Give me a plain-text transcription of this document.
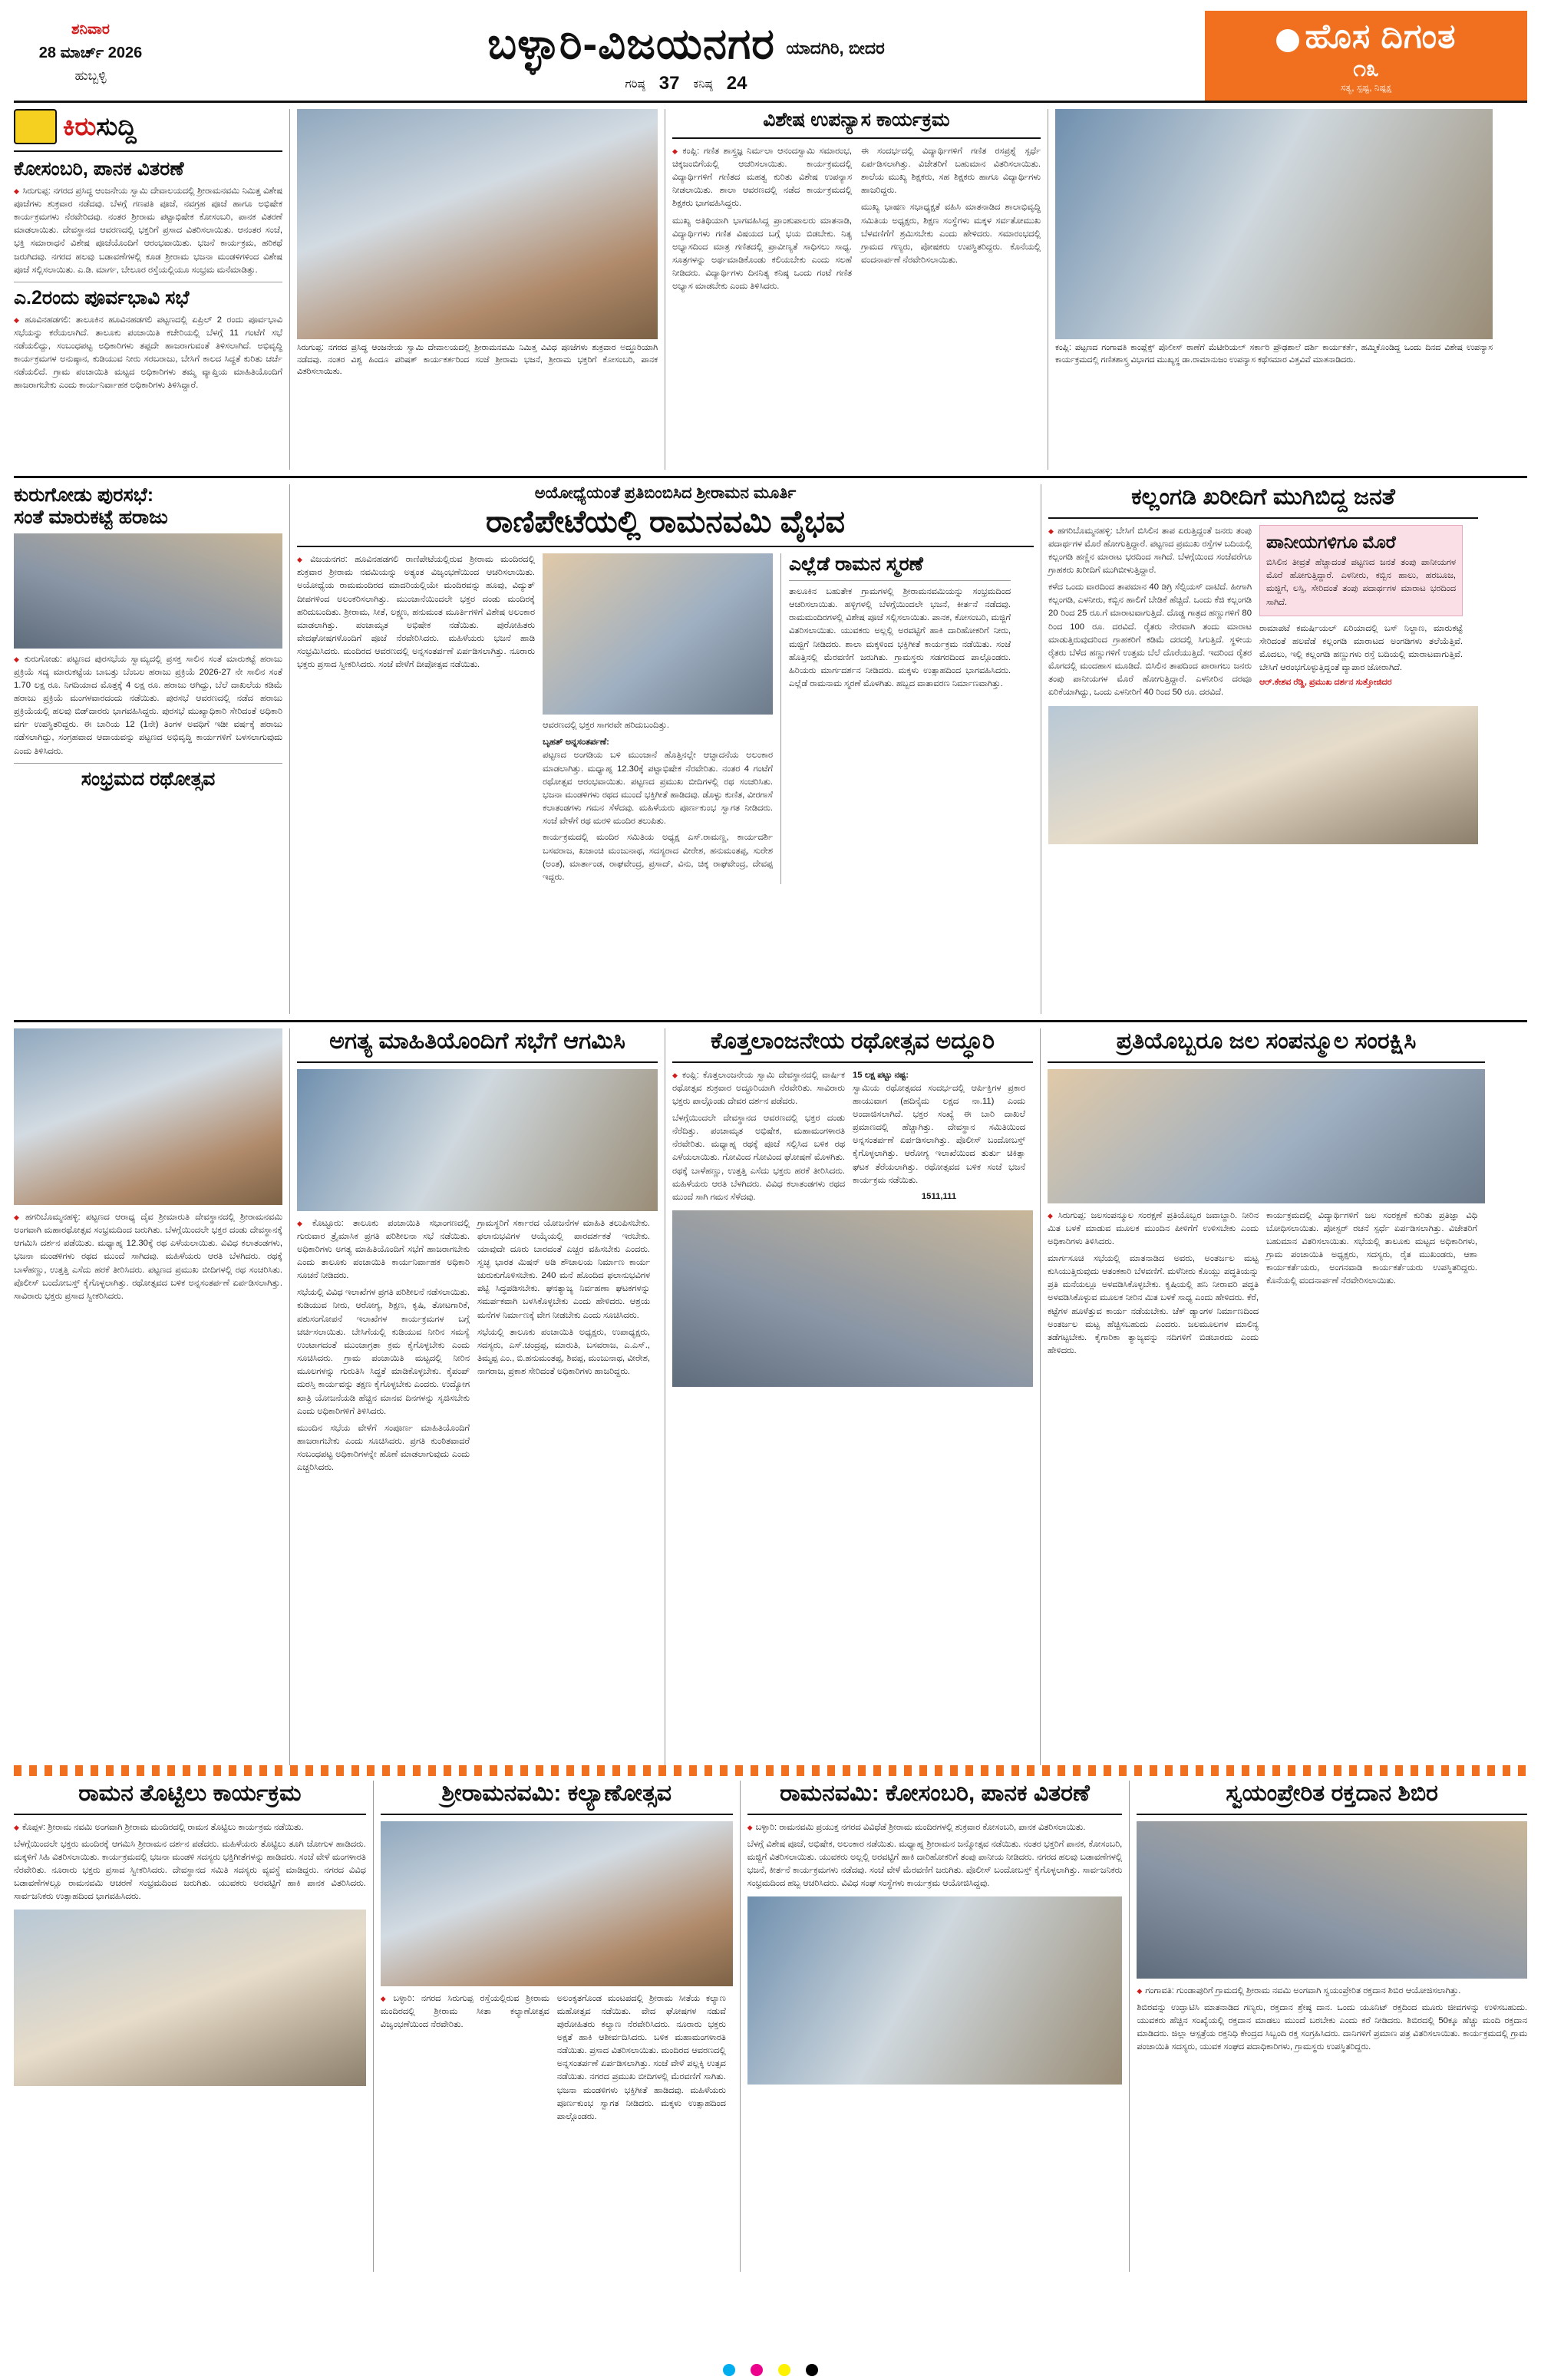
ಶನಿವಾರ
28 ಮಾರ್ಚ್ 2026
ಹುಬ್ಬಳ್ಳಿ
ಬಳ್ಳಾರಿ-ವಿಜಯನಗರ ಯಾದಗಿರಿ, ಬೀದರ
ಗರಿಷ್ಠ 37 ಕನಿಷ್ಠ 24
ಹೊಸ ದಿಗಂತ
೧೩
ಸತ್ಯ, ಸ್ಪಷ್ಟ, ನಿಷ್ಪಕ್ಷ
ಕಿರುಸುದ್ದಿ
ಕೋಸಂಬರಿ, ಪಾನಕ ವಿತರಣೆ
◆ ಸಿರುಗುಪ್ಪ: ನಗರದ ಪ್ರಸಿದ್ಧ ಆಂಜನೇಯ ಸ್ವಾಮಿ ದೇವಾಲಯದಲ್ಲಿ ಶ್ರೀರಾಮನವಮಿ ನಿಮಿತ್ತ ವಿಶೇಷ ಪೂಜೆಗಳು ಶುಕ್ರವಾರ ನಡೆದವು. ಬೆಳಗ್ಗೆ ಗಣಪತಿ ಪೂಜೆ, ನವಗ್ರಹ ಪೂಜೆ ಹಾಗೂ ಅಭಿಷೇಕ ಕಾರ್ಯಕ್ರಮಗಳು ನೆರವೇರಿದವು. ನಂತರ ಶ್ರೀರಾಮ ಪಟ್ಟಾಭಿಷೇಕ ಕೋಸಂಬರಿ, ಪಾನಕ ವಿತರಣೆ ಮಾಡಲಾಯಿತು. ದೇವಸ್ಥಾನದ ಆವರಣದಲ್ಲಿ ಭಕ್ತರಿಗೆ ಪ್ರಸಾದ ವಿತರಿಸಲಾಯಿತು. ಆನಂತರ ಸಂಜೆ, ಭಕ್ತಿ ಸಮಾರಾಧನೆ ವಿಶೇಷ ಪೂಜೆಯೊಂದಿಗೆ ಆರಂಭವಾಯಿತು. ಭಜನೆ ಕಾರ್ಯಕ್ರಮ, ಹರಿಕಥೆ ಜರುಗಿದವು. ನಗರದ ಹಲವು ಬಡಾವಣೆಗಳಲ್ಲಿ ಕೂಡ ಶ್ರೀರಾಮ ಭಜನಾ ಮಂಡಳಿಗಳಿಂದ ವಿಶೇಷ ಪೂಜೆ ಸಲ್ಲಿಸಲಾಯಿತು. ಎ.ಡಿ. ಮಾರ್ಗ, ಬೇಲೂರ ರಸ್ತೆಯಲ್ಲಿಯೂ ಸಂಭ್ರಮ ಮನೆಮಾಡಿತ್ತು.
ಎ.2ರಂದು ಪೂರ್ವಭಾವಿ ಸಭೆ
◆ ಹೂವಿನಹಡಗಲಿ: ತಾಲೂಕಿನ ಹೂವಿನಹಡಗಲಿ ಪಟ್ಟಣದಲ್ಲಿ ಏಪ್ರಿಲ್ 2 ರಂದು ಪೂರ್ವಭಾವಿ ಸಭೆಯನ್ನು ಕರೆಯಲಾಗಿದೆ. ತಾಲೂಕು ಪಂಚಾಯಿತಿ ಕಚೇರಿಯಲ್ಲಿ ಬೆಳಗ್ಗೆ 11 ಗಂಟೆಗೆ ಸಭೆ ನಡೆಯಲಿದ್ದು, ಸಂಬಂಧಪಟ್ಟ ಅಧಿಕಾರಿಗಳು ತಪ್ಪದೇ ಹಾಜರಾಗುವಂತೆ ತಿಳಿಸಲಾಗಿದೆ. ಅಭಿವೃದ್ಧಿ ಕಾರ್ಯಕ್ರಮಗಳ ಅನುಷ್ಠಾನ, ಕುಡಿಯುವ ನೀರು ಸರಬರಾಜು, ಬೇಸಿಗೆ ಕಾಲದ ಸಿದ್ಧತೆ ಕುರಿತು ಚರ್ಚೆ ನಡೆಯಲಿದೆ. ಗ್ರಾಮ ಪಂಚಾಯಿತಿ ಮಟ್ಟದ ಅಧಿಕಾರಿಗಳು ತಮ್ಮ ವ್ಯಾಪ್ತಿಯ ಮಾಹಿತಿಯೊಂದಿಗೆ ಹಾಜರಾಗಬೇಕು ಎಂದು ಕಾರ್ಯನಿರ್ವಾಹಕ ಅಧಿಕಾರಿಗಳು ತಿಳಿಸಿದ್ದಾರೆ.
ಸಿರುಗುಪ್ಪ: ನಗರದ ಪ್ರಸಿದ್ಧ ಆಂಜನೇಯ ಸ್ವಾಮಿ ದೇವಾಲಯದಲ್ಲಿ ಶ್ರೀರಾಮನವಮಿ ನಿಮಿತ್ತ ವಿವಿಧ ಪೂಜೆಗಳು ಶುಕ್ರವಾರ ಅದ್ಧೂರಿಯಾಗಿ ನಡೆದವು. ನಂತರ ವಿಶ್ವ ಹಿಂದೂ ಪರಿಷತ್ ಕಾರ್ಯಕರ್ತರಿಂದ ಸಂಜೆ ಶ್ರೀರಾಮ ಭಜನೆ, ಶ್ರೀರಾಮ ಭಕ್ತರಿಗೆ ಕೋಸಂಬರಿ, ಪಾನಕ ವಿತರಿಸಲಾಯಿತು.
ವಿಶೇಷ ಉಪನ್ಯಾಸ ಕಾರ್ಯಕ್ರಮ
◆ ಕಂಪ್ಲಿ: ಗಣಿತ ಶಾಸ್ತ್ರಜ್ಞ ನಿರ್ಮಲಾ ಆನಂದಸ್ವಾಮಿ ಸಮಾರಂಭ, ಚಿಕ್ಕಜಂಬಿಗೆಯಲ್ಲಿ ಆಚರಿಸಲಾಯಿತು. ಕಾರ್ಯಕ್ರಮದಲ್ಲಿ ವಿದ್ಯಾರ್ಥಿಗಳಿಗೆ ಗಣಿತದ ಮಹತ್ವ ಕುರಿತು ವಿಶೇಷ ಉಪನ್ಯಾಸ ನೀಡಲಾಯಿತು. ಶಾಲಾ ಆವರಣದಲ್ಲಿ ನಡೆದ ಕಾರ್ಯಕ್ರಮದಲ್ಲಿ ಶಿಕ್ಷಕರು ಭಾಗವಹಿಸಿದ್ದರು.
ಮುಖ್ಯ ಅತಿಥಿಯಾಗಿ ಭಾಗವಹಿಸಿದ್ದ ಪ್ರಾಂಶುಪಾಲರು ಮಾತನಾಡಿ, ವಿದ್ಯಾರ್ಥಿಗಳು ಗಣಿತ ವಿಷಯದ ಬಗ್ಗೆ ಭಯ ಬಿಡಬೇಕು. ನಿತ್ಯ ಅಭ್ಯಾಸದಿಂದ ಮಾತ್ರ ಗಣಿತದಲ್ಲಿ ಪ್ರಾವೀಣ್ಯತೆ ಸಾಧಿಸಲು ಸಾಧ್ಯ. ಸೂತ್ರಗಳನ್ನು ಅರ್ಥಮಾಡಿಕೊಂಡು ಕಲಿಯಬೇಕು ಎಂದು ಸಲಹೆ ನೀಡಿದರು. ವಿದ್ಯಾರ್ಥಿಗಳು ದಿನನಿತ್ಯ ಕನಿಷ್ಠ ಒಂದು ಗಂಟೆ ಗಣಿತ ಅಭ್ಯಾಸ ಮಾಡಬೇಕು ಎಂದು ತಿಳಿಸಿದರು.
ಈ ಸಂದರ್ಭದಲ್ಲಿ ವಿದ್ಯಾರ್ಥಿಗಳಿಗೆ ಗಣಿತ ರಸಪ್ರಶ್ನೆ ಸ್ಪರ್ಧೆ ಏರ್ಪಡಿಸಲಾಗಿತ್ತು. ವಿಜೇತರಿಗೆ ಬಹುಮಾನ ವಿತರಿಸಲಾಯಿತು. ಶಾಲೆಯ ಮುಖ್ಯ ಶಿಕ್ಷಕರು, ಸಹ ಶಿಕ್ಷಕರು ಹಾಗೂ ವಿದ್ಯಾರ್ಥಿಗಳು ಹಾಜರಿದ್ದರು.
ಮುಖ್ಯ ಭಾಷಣ ಸಭಾಧ್ಯಕ್ಷತೆ ವಹಿಸಿ ಮಾತನಾಡಿದ ಶಾಲಾಭಿವೃದ್ಧಿ ಸಮಿತಿಯ ಅಧ್ಯಕ್ಷರು, ಶಿಕ್ಷಣ ಸಂಸ್ಥೆಗಳು ಮಕ್ಕಳ ಸರ್ವತೋಮುಖ ಬೆಳವಣಿಗೆಗೆ ಶ್ರಮಿಸಬೇಕು ಎಂದು ಹೇಳಿದರು. ಸಮಾರಂಭದಲ್ಲಿ ಗ್ರಾಮದ ಗಣ್ಯರು, ಪೋಷಕರು ಉಪಸ್ಥಿತರಿದ್ದರು. ಕೊನೆಯಲ್ಲಿ ವಂದನಾರ್ಪಣೆ ನೆರವೇರಿಸಲಾಯಿತು.
ಕಂಪ್ಲಿ: ಪಟ್ಟಣದ ಗಂಗಾವತಿ ಕಾಂಪ್ಲೆಕ್ಸ್ ಪೊಲೀಸ್ ಠಾಣೆಗೆ ಮೆಟೀರಿಯಲ್ ಸರ್ಕಾರಿ ಪ್ರೌಢಶಾಲೆ ದರ್ಶಿ ಕಾರ್ಯಕರ್ತೆ, ಹಮ್ಮಿಕೊಂಡಿದ್ದ ಒಂದು ದಿನದ ವಿಶೇಷ ಉಪನ್ಯಾಸ ಕಾರ್ಯಕ್ರಮದಲ್ಲಿ ಗಣಿತಶಾಸ್ತ್ರ ವಿಭಾಗದ ಮುಖ್ಯಸ್ಥ ಡಾ.ರಾಮಾನುಜಂ ಉಪನ್ಯಾಸ ಕಥೆಸಮಾರ ವಿತ್ತವಿವೆ ಮಾತನಾಡಿದರು.
ಕುರುಗೋಡು ಪುರಸಭೆ:
ಸಂತೆ ಮಾರುಕಟ್ಟೆ ಹರಾಜು
◆ ಕುರುಗೋಡು: ಪಟ್ಟಣದ ಪುರಸಭೆಯ ಸ್ವಾಮ್ಯದಲ್ಲಿ ಪ್ರಸಕ್ತ ಸಾಲಿನ ಸಂತೆ ಮಾರುಕಟ್ಟೆ ಹರಾಜು ಪ್ರಕ್ರಿಯೆ ಸದ್ಯ ಮಾರುಕಟ್ಟೆಯ ಬಾಬತ್ತು ಬೆಂಬಲ ಹರಾಜು ಪ್ರಕ್ರಿಯೆ 2026-27 ನೇ ಸಾಲಿನ ಸಂತೆ 1.70 ಲಕ್ಷ ರೂ. ನಿಗದಿಯಾದ ಮೊತ್ತಕ್ಕೆ 4 ಲಕ್ಷ ರೂ. ಹರಾಜು ಆಗಿದ್ದು, ಬೆಲೆ ದಾಖಲೆಯ ಕಡಿಮೆ ಹರಾಜು ಪ್ರಕ್ರಿಯೆ ಮಂಗಳವಾರದಂದು ನಡೆಯಿತು. ಪುರಸಭೆ ಆವರಣದಲ್ಲಿ ನಡೆದ ಹರಾಜು ಪ್ರಕ್ರಿಯೆಯಲ್ಲಿ ಹಲವು ಬಿಡ್‌ದಾರರು ಭಾಗವಹಿಸಿದ್ದರು. ಪುರಸಭೆ ಮುಖ್ಯಾಧಿಕಾರಿ ಸೇರಿದಂತೆ ಅಧಿಕಾರಿ ವರ್ಗ ಉಪಸ್ಥಿತರಿದ್ದರು. ಈ ಬಾರಿಯ 12 (1ನೇ) ತಿಂಗಳ ಅವಧಿಗೆ ಇಡೀ ವರ್ಷಕ್ಕೆ ಹರಾಜು ನಡೆಸಲಾಗಿದ್ದು, ಸಂಗ್ರಹವಾದ ಆದಾಯವನ್ನು ಪಟ್ಟಣದ ಅಭಿವೃದ್ಧಿ ಕಾರ್ಯಗಳಿಗೆ ಬಳಸಲಾಗುವುದು ಎಂದು ತಿಳಿಸಿದರು.
ಸಂಭ್ರಮದ ರಥೋತ್ಸವ
ಅಯೋಧ್ಯೆಯಂತೆ ಪ್ರತಿಬಿಂಬಿಸಿದ ಶ್ರೀರಾಮನ ಮೂರ್ತಿ
ರಾಣಿಪೇಟೆಯಲ್ಲಿ ರಾಮನವಮಿ ವೈಭವ
◆ ವಿಜಯನಗರ: ಹೂವಿನಹಡಗಲಿ ರಾಣಿಪೇಟೆಯಲ್ಲಿರುವ ಶ್ರೀರಾಮ ಮಂದಿರದಲ್ಲಿ ಶುಕ್ರವಾರ ಶ್ರೀರಾಮ ನವಮಿಯನ್ನು ಅತ್ಯಂತ ವಿಜೃಂಭಣೆಯಿಂದ ಆಚರಿಸಲಾಯಿತು. ಅಯೋಧ್ಯೆಯ ರಾಮಮಂದಿರದ ಮಾದರಿಯಲ್ಲಿಯೇ ಮಂದಿರವನ್ನು ಹೂವು, ವಿದ್ಯುತ್ ದೀಪಗಳಿಂದ ಅಲಂಕರಿಸಲಾಗಿತ್ತು. ಮುಂಜಾನೆಯಿಂದಲೇ ಭಕ್ತರ ದಂಡು ಮಂದಿರಕ್ಕೆ ಹರಿದುಬಂದಿತು. ಶ್ರೀರಾಮ, ಸೀತೆ, ಲಕ್ಷ್ಮಣ, ಹನುಮಂತ ಮೂರ್ತಿಗಳಿಗೆ ವಿಶೇಷ ಅಲಂಕಾರ ಮಾಡಲಾಗಿತ್ತು. ಪಂಚಾಮೃತ ಅಭಿಷೇಕ ನಡೆಯಿತು. ಪುರೋಹಿತರು ವೇದಘೋಷಗಳೊಂದಿಗೆ ಪೂಜೆ ನೆರವೇರಿಸಿದರು. ಮಹಿಳೆಯರು ಭಜನೆ ಹಾಡಿ ಸಂಭ್ರಮಿಸಿದರು. ಮಂದಿರದ ಆವರಣದಲ್ಲಿ ಅನ್ನಸಂತರ್ಪಣೆ ಏರ್ಪಡಿಸಲಾಗಿತ್ತು. ನೂರಾರು ಭಕ್ತರು ಪ್ರಸಾದ ಸ್ವೀಕರಿಸಿದರು. ಸಂಜೆ ವೇಳೆಗೆ ದೀಪೋತ್ಸವ ನಡೆಯಿತು.
ಆವರಣದಲ್ಲಿ ಭಕ್ತರ ಸಾಗರವೇ ಹರಿದುಬಂದಿತ್ತು.
ಬೃಹತ್ ಅನ್ನಸಂತರ್ಪಣೆ:
ಪಟ್ಟಣದ ಅಂಗಡಿಯ ಬಳಿ ಮುಂಜಾನೆ ಹೊತ್ತಿನಲ್ಲೇ ಆಚ್ಛಾದನೆಯ ಅಲಂಕಾರ ಮಾಡಲಾಗಿತ್ತು. ಮಧ್ಯಾಹ್ನ 12.30ಕ್ಕೆ ಪಟ್ಟಾಭಿಷೇಕ ನೆರವೇರಿತು. ನಂತರ 4 ಗಂಟೆಗೆ ರಥೋತ್ಸವ ಆರಂಭವಾಯಿತು. ಪಟ್ಟಣದ ಪ್ರಮುಖ ಬೀದಿಗಳಲ್ಲಿ ರಥ ಸಂಚರಿಸಿತು. ಭಜನಾ ಮಂಡಳಿಗಳು ರಥದ ಮುಂದೆ ಭಕ್ತಿಗೀತೆ ಹಾಡಿದವು. ಡೊಳ್ಳು ಕುಣಿತ, ವೀರಗಾಸೆ ಕಲಾತಂಡಗಳು ಗಮನ ಸೆಳೆದವು. ಮಹಿಳೆಯರು ಪೂರ್ಣಕುಂಭ ಸ್ವಾಗತ ನೀಡಿದರು. ಸಂಜೆ ವೇಳೆಗೆ ರಥ ಮರಳಿ ಮಂದಿರ ತಲುಪಿತು.
ಕಾರ್ಯಕ್ರಮದಲ್ಲಿ ಮಂದಿರ ಸಮಿತಿಯ ಅಧ್ಯಕ್ಷ ಎಸ್.ರಾಮಣ್ಣ, ಕಾರ್ಯದರ್ಶಿ ಬಸವರಾಜ, ಖಜಾಂಚಿ ಮಂಜುನಾಥ, ಸದಸ್ಯರಾದ ವೀರೇಶ, ಹನುಮಂತಪ್ಪ, ಸುರೇಶ (ಅಂತ), ಮಾರ್ತಾಂಡ, ರಾಘವೇಂದ್ರ, ಪ್ರಸಾದ್, ವಿನು, ಚಿಕ್ಕ ರಾಘವೇಂದ್ರ, ದೇವಪ್ಪ ಇದ್ದರು.
ಎಲ್ಲೆಡೆ ರಾಮನ ಸ್ಮರಣೆ
ತಾಲೂಕಿನ ಬಹುತೇಕ ಗ್ರಾಮಗಳಲ್ಲಿ ಶ್ರೀರಾಮನವಮಿಯನ್ನು ಸಂಭ್ರಮದಿಂದ ಆಚರಿಸಲಾಯಿತು. ಹಳ್ಳಿಗಳಲ್ಲಿ ಬೆಳಗ್ಗೆಯಿಂದಲೇ ಭಜನೆ, ಕೀರ್ತನೆ ನಡೆದವು. ರಾಮಮಂದಿರಗಳಲ್ಲಿ ವಿಶೇಷ ಪೂಜೆ ಸಲ್ಲಿಸಲಾಯಿತು. ಪಾನಕ, ಕೋಸಂಬರಿ, ಮಜ್ಜಿಗೆ ವಿತರಿಸಲಾಯಿತು. ಯುವಕರು ಅಲ್ಲಲ್ಲಿ ಅರವಟ್ಟಿಗೆ ಹಾಕಿ ದಾರಿಹೋಕರಿಗೆ ನೀರು, ಮಜ್ಜಿಗೆ ನೀಡಿದರು. ಶಾಲಾ ಮಕ್ಕಳಿಂದ ಭಕ್ತಿಗೀತೆ ಕಾರ್ಯಕ್ರಮ ನಡೆಯಿತು. ಸಂಜೆ ಹೊತ್ತಿನಲ್ಲಿ ಮೆರವಣಿಗೆ ಜರುಗಿತು. ಗ್ರಾಮಸ್ಥರು ಸಡಗರದಿಂದ ಪಾಲ್ಗೊಂಡರು. ಹಿರಿಯರು ಮಾರ್ಗದರ್ಶನ ನೀಡಿದರು. ಮಕ್ಕಳು ಉತ್ಸಾಹದಿಂದ ಭಾಗವಹಿಸಿದರು. ಎಲ್ಲೆಡೆ ರಾಮನಾಮ ಸ್ಮರಣೆ ಮೊಳಗಿತು. ಹಬ್ಬದ ವಾತಾವರಣ ನಿರ್ಮಾಣವಾಗಿತ್ತು.
ಕಲ್ಲಂಗಡಿ ಖರೀದಿಗೆ ಮುಗಿಬಿದ್ದ ಜನತೆ
◆ ಹಗರಿಬೊಮ್ಮನಹಳ್ಳಿ: ಬೇಸಿಗೆ ಬಿಸಿಲಿನ ತಾಪ ಏರುತ್ತಿದ್ದಂತೆ ಜನರು ತಂಪು ಪದಾರ್ಥಗಳ ಮೊರೆ ಹೋಗುತ್ತಿದ್ದಾರೆ. ಪಟ್ಟಣದ ಪ್ರಮುಖ ರಸ್ತೆಗಳ ಬದಿಯಲ್ಲಿ ಕಲ್ಲಂಗಡಿ ಹಣ್ಣಿನ ಮಾರಾಟ ಭರದಿಂದ ಸಾಗಿದೆ. ಬೆಳಗ್ಗೆಯಿಂದ ಸಂಜೆವರೆಗೂ ಗ್ರಾಹಕರು ಖರೀದಿಗೆ ಮುಗಿಬೀಳುತ್ತಿದ್ದಾರೆ.
ಕಳೆದ ಒಂದು ವಾರದಿಂದ ತಾಪಮಾನ 40 ಡಿಗ್ರಿ ಸೆಲ್ಸಿಯಸ್ ದಾಟಿದೆ. ಹೀಗಾಗಿ ಕಲ್ಲಂಗಡಿ, ಎಳನೀರು, ಕಬ್ಬಿನ ಹಾಲಿಗೆ ಬೇಡಿಕೆ ಹೆಚ್ಚಿದೆ. ಒಂದು ಕೆಜಿ ಕಲ್ಲಂಗಡಿ 20 ರಿಂದ 25 ರೂ.ಗೆ ಮಾರಾಟವಾಗುತ್ತಿದೆ. ದೊಡ್ಡ ಗಾತ್ರದ ಹಣ್ಣುಗಳಿಗೆ 80 ರಿಂದ 100 ರೂ. ದರವಿದೆ. ರೈತರು ನೇರವಾಗಿ ತಂದು ಮಾರಾಟ ಮಾಡುತ್ತಿರುವುದರಿಂದ ಗ್ರಾಹಕರಿಗೆ ಕಡಿಮೆ ದರದಲ್ಲಿ ಸಿಗುತ್ತಿದೆ. ಸ್ಥಳೀಯ ರೈತರು ಬೆಳೆದ ಹಣ್ಣುಗಳಿಗೆ ಉತ್ತಮ ಬೆಲೆ ದೊರೆಯುತ್ತಿದೆ. ಇದರಿಂದ ರೈತರ ಮೊಗದಲ್ಲಿ ಮಂದಹಾಸ ಮೂಡಿದೆ. ಬಿಸಿಲಿನ ತಾಪದಿಂದ ಪಾರಾಗಲು ಜನರು ತಂಪು ಪಾನೀಯಗಳ ಮೊರೆ ಹೋಗುತ್ತಿದ್ದಾರೆ. ಎಳನೀರಿನ ದರವೂ ಏರಿಕೆಯಾಗಿದ್ದು, ಒಂದು ಎಳನೀರಿಗೆ 40 ರಿಂದ 50 ರೂ. ದರವಿದೆ.
ಪಾನೀಯಗಳಿಗೂ ಮೊರೆ
ಬಿಸಿಲಿನ ತೀವ್ರತೆ ಹೆಚ್ಚಾದಂತೆ ಪಟ್ಟಣದ ಜನತೆ ತಂಪು ಪಾನೀಯಗಳ ಮೊರೆ ಹೋಗುತ್ತಿದ್ದಾರೆ. ಎಳನೀರು, ಕಬ್ಬಿನ ಹಾಲು, ಹರಬೂಜ, ಮಜ್ಜಿಗೆ, ಲಸ್ಸಿ, ಸೇರಿದಂತೆ ತಂಪು ಪದಾರ್ಥಗಳ ಮಾರಾಟ ಭರದಿಂದ ಸಾಗಿದೆ.
ರಾಮಾಪಟೆ ಕಮರ್ಷಿಯಲ್ ಏರಿಯಾದಲ್ಲಿ ಬಸ್ ನಿಲ್ದಾಣ, ಮಾರುಕಟ್ಟೆ ಸೇರಿದಂತೆ ಹಲವೆಡೆ ಕಲ್ಲಂಗಡಿ ಮಾರಾಟದ ಅಂಗಡಿಗಳು ತಲೆಯೆತ್ತಿವೆ. ಮೊದಲು, ಇಲ್ಲಿ ಕಲ್ಲಂಗಡಿ ಹಣ್ಣುಗಳು ರಸ್ತೆ ಬದಿಯಲ್ಲಿ ಮಾರಾಟವಾಗುತ್ತಿವೆ. ಬೇಸಿಗೆ ಆರಂಭಗೊಳ್ಳುತ್ತಿದ್ದಂತೆ ವ್ಯಾಪಾರ ಜೋರಾಗಿದೆ.
ಆರ್.ಕೇಶವ ರೆಡ್ಡಿ, ಪ್ರಮುಖ ದರ್ಶನ ಸುತ್ತೋಜಿದರ
◆ ಹಗರಿಬೊಮ್ಮನಹಳ್ಳಿ: ಪಟ್ಟಣದ ಆರಾಧ್ಯ ದೈವ ಶ್ರೀಮಾರುತಿ ದೇವಸ್ಥಾನದಲ್ಲಿ ಶ್ರೀರಾಮನವಮಿ ಅಂಗವಾಗಿ ಮಹಾರಥೋತ್ಸವ ಸಂಭ್ರಮದಿಂದ ಜರುಗಿತು. ಬೆಳಗ್ಗೆಯಿಂದಲೇ ಭಕ್ತರ ದಂಡು ದೇವಸ್ಥಾನಕ್ಕೆ ಆಗಮಿಸಿ ದರ್ಶನ ಪಡೆಯಿತು. ಮಧ್ಯಾಹ್ನ 12.30ಕ್ಕೆ ರಥ ಎಳೆಯಲಾಯಿತು. ವಿವಿಧ ಕಲಾತಂಡಗಳು, ಭಜನಾ ಮಂಡಳಿಗಳು ರಥದ ಮುಂದೆ ಸಾಗಿದವು. ಮಹಿಳೆಯರು ಆರತಿ ಬೆಳಗಿದರು. ರಥಕ್ಕೆ ಬಾಳೆಹಣ್ಣು, ಉತ್ತತ್ತಿ ಎಸೆದು ಹರಕೆ ತೀರಿಸಿದರು. ಪಟ್ಟಣದ ಪ್ರಮುಖ ಬೀದಿಗಳಲ್ಲಿ ರಥ ಸಂಚರಿಸಿತು. ಪೊಲೀಸ್ ಬಂದೋಬಸ್ತ್ ಕೈಗೊಳ್ಳಲಾಗಿತ್ತು. ರಥೋತ್ಸವದ ಬಳಿಕ ಅನ್ನಸಂತರ್ಪಣೆ ಏರ್ಪಡಿಸಲಾಗಿತ್ತು. ಸಾವಿರಾರು ಭಕ್ತರು ಪ್ರಸಾದ ಸ್ವೀಕರಿಸಿದರು.
ಅಗತ್ಯ ಮಾಹಿತಿಯೊಂದಿಗೆ ಸಭೆಗೆ ಆಗಮಿಸಿ
◆ ಕೊಟ್ಟೂರು: ತಾಲೂಕು ಪಂಚಾಯಿತಿ ಸಭಾಂಗಣದಲ್ಲಿ ಗುರುವಾರ ತ್ರೈಮಾಸಿಕ ಪ್ರಗತಿ ಪರಿಶೀಲನಾ ಸಭೆ ನಡೆಯಿತು. ಅಧಿಕಾರಿಗಳು ಅಗತ್ಯ ಮಾಹಿತಿಯೊಂದಿಗೆ ಸಭೆಗೆ ಹಾಜರಾಗಬೇಕು ಎಂದು ತಾಲೂಕು ಪಂಚಾಯಿತಿ ಕಾರ್ಯನಿರ್ವಾಹಕ ಅಧಿಕಾರಿ ಸೂಚನೆ ನೀಡಿದರು.
ಸಭೆಯಲ್ಲಿ ವಿವಿಧ ಇಲಾಖೆಗಳ ಪ್ರಗತಿ ಪರಿಶೀಲನೆ ನಡೆಸಲಾಯಿತು. ಕುಡಿಯುವ ನೀರು, ಆರೋಗ್ಯ, ಶಿಕ್ಷಣ, ಕೃಷಿ, ತೋಟಗಾರಿಕೆ, ಪಶುಸಂಗೋಪನೆ ಇಲಾಖೆಗಳ ಕಾರ್ಯಕ್ರಮಗಳ ಬಗ್ಗೆ ಚರ್ಚಿಸಲಾಯಿತು. ಬೇಸಿಗೆಯಲ್ಲಿ ಕುಡಿಯುವ ನೀರಿನ ಸಮಸ್ಯೆ ಉಂಟಾಗದಂತೆ ಮುಂಜಾಗ್ರತಾ ಕ್ರಮ ಕೈಗೊಳ್ಳಬೇಕು ಎಂದು ಸೂಚಿಸಿದರು. ಗ್ರಾಮ ಪಂಚಾಯಿತಿ ಮಟ್ಟದಲ್ಲಿ ನೀರಿನ ಮೂಲಗಳನ್ನು ಗುರುತಿಸಿ ಸಿದ್ಧತೆ ಮಾಡಿಕೊಳ್ಳಬೇಕು. ಕೈಪಂಪ್ ದುರಸ್ತಿ ಕಾರ್ಯವನ್ನು ತಕ್ಷಣ ಕೈಗೊಳ್ಳಬೇಕು ಎಂದರು. ಉದ್ಯೋಗ ಖಾತ್ರಿ ಯೋಜನೆಯಡಿ ಹೆಚ್ಚಿನ ಮಾನವ ದಿನಗಳನ್ನು ಸೃಜಿಸಬೇಕು ಎಂದು ಅಧಿಕಾರಿಗಳಿಗೆ ತಿಳಿಸಿದರು.
ಮುಂದಿನ ಸಭೆಯ ವೇಳೆಗೆ ಸಂಪೂರ್ಣ ಮಾಹಿತಿಯೊಂದಿಗೆ ಹಾಜರಾಗಬೇಕು ಎಂದು ಸೂಚಿಸಿದರು. ಪ್ರಗತಿ ಕುಂಠಿತವಾದರೆ ಸಂಬಂಧಪಟ್ಟ ಅಧಿಕಾರಿಗಳನ್ನೇ ಹೊಣೆ ಮಾಡಲಾಗುವುದು ಎಂದು ಎಚ್ಚರಿಸಿದರು.
ಗ್ರಾಮಸ್ಥರಿಗೆ ಸರ್ಕಾರದ ಯೋಜನೆಗಳ ಮಾಹಿತಿ ತಲುಪಿಸಬೇಕು. ಫಲಾನುಭವಿಗಳ ಆಯ್ಕೆಯಲ್ಲಿ ಪಾರದರ್ಶಕತೆ ಇರಬೇಕು. ಯಾವುದೇ ದೂರು ಬಾರದಂತೆ ಎಚ್ಚರ ವಹಿಸಬೇಕು ಎಂದರು. ಸ್ವಚ್ಛ ಭಾರತ ಮಿಷನ್ ಅಡಿ ಶೌಚಾಲಯ ನಿರ್ಮಾಣ ಕಾರ್ಯ ಚುರುಕುಗೊಳಿಸಬೇಕು. 240 ಮನೆ ಹೊಂದಿದ ಫಲಾನುಭವಿಗಳ ಪಟ್ಟಿ ಸಿದ್ಧಪಡಿಸಬೇಕು. ಘನತ್ಯಾಜ್ಯ ನಿರ್ವಹಣಾ ಘಟಕಗಳನ್ನು ಸಮರ್ಪಕವಾಗಿ ಬಳಸಿಕೊಳ್ಳಬೇಕು ಎಂದು ಹೇಳಿದರು. ಆಶ್ರಯ ಮನೆಗಳ ನಿರ್ಮಾಣಕ್ಕೆ ವೇಗ ನೀಡಬೇಕು ಎಂದು ಸೂಚಿಸಿದರು.
ಸಭೆಯಲ್ಲಿ ತಾಲೂಕು ಪಂಚಾಯಿತಿ ಅಧ್ಯಕ್ಷರು, ಉಪಾಧ್ಯಕ್ಷರು, ಸದಸ್ಯರು, ಎಸ್.ಚಂದ್ರಪ್ಪ, ಮಾರುತಿ, ಬಸವರಾಜ, ಎ.ಎಸ್., ತಿಮ್ಮಪ್ಪ ಎಂ., ಬಿ.ಹನುಮಂತಪ್ಪ, ಶಿವಪ್ಪ, ಮಂಜುನಾಥ, ವೀರೇಶ, ನಾಗರಾಜ, ಪ್ರಕಾಶ ಸೇರಿದಂತೆ ಅಧಿಕಾರಿಗಳು ಹಾಜರಿದ್ದರು.
ಕೊತ್ತಲಾಂಜನೇಯ ರಥೋತ್ಸವ ಅದ್ಧೂರಿ
◆ ಕಂಪ್ಲಿ: ಕೊತ್ತಲಾಂಜನೇಯ ಸ್ವಾಮಿ ದೇವಸ್ಥಾನದಲ್ಲಿ ವಾರ್ಷಿಕ ರಥೋತ್ಸವ ಶುಕ್ರವಾರ ಅದ್ಧೂರಿಯಾಗಿ ನೆರವೇರಿತು. ಸಾವಿರಾರು ಭಕ್ತರು ಪಾಲ್ಗೊಂಡು ದೇವರ ದರ್ಶನ ಪಡೆದರು.
ಬೆಳಗ್ಗೆಯಿಂದಲೇ ದೇವಸ್ಥಾನದ ಆವರಣದಲ್ಲಿ ಭಕ್ತರ ದಂಡು ನೆರೆದಿತ್ತು. ಪಂಚಾಮೃತ ಅಭಿಷೇಕ, ಮಹಾಮಂಗಳಾರತಿ ನೆರವೇರಿತು. ಮಧ್ಯಾಹ್ನ ರಥಕ್ಕೆ ಪೂಜೆ ಸಲ್ಲಿಸಿದ ಬಳಿಕ ರಥ ಎಳೆಯಲಾಯಿತು. ಗೋವಿಂದ ಗೋವಿಂದ ಘೋಷಣೆ ಮೊಳಗಿತು. ರಥಕ್ಕೆ ಬಾಳೆಹಣ್ಣು, ಉತ್ತತ್ತಿ ಎಸೆದು ಭಕ್ತರು ಹರಕೆ ತೀರಿಸಿದರು. ಮಹಿಳೆಯರು ಆರತಿ ಬೆಳಗಿದರು. ವಿವಿಧ ಕಲಾತಂಡಗಳು ರಥದ ಮುಂದೆ ಸಾಗಿ ಗಮನ ಸೆಳೆದವು.
15 ಲಕ್ಷ ಪಟ್ಟು ನಷ್ಟ:
ಸ್ವಾಮಿಯ ರಥೋತ್ಸವದ ಸಂದರ್ಭದಲ್ಲಿ ಆರ್ಪಿಕ್ತಿಗಳ ಪ್ರಕಾರ ಹಾಯುವಾಗ (ಹದಿನೈದು ಲಕ್ಷದ ನಾ.11) ಎಂದು ಅಂದಾಜಿಸಲಾಗಿದೆ. ಭಕ್ತರ ಸಂಖ್ಯೆ ಈ ಬಾರಿ ದಾಖಲೆ ಪ್ರಮಾಣದಲ್ಲಿ ಹೆಚ್ಚಾಗಿತ್ತು. ದೇವಸ್ಥಾನ ಸಮಿತಿಯಿಂದ ಅನ್ನಸಂತರ್ಪಣೆ ಏರ್ಪಡಿಸಲಾಗಿತ್ತು. ಪೊಲೀಸ್ ಬಂದೋಬಸ್ತ್ ಕೈಗೊಳ್ಳಲಾಗಿತ್ತು. ಆರೋಗ್ಯ ಇಲಾಖೆಯಿಂದ ತುರ್ತು ಚಿಕಿತ್ಸಾ ಘಟಕ ತೆರೆಯಲಾಗಿತ್ತು. ರಥೋತ್ಸವದ ಬಳಿಕ ಸಂಜೆ ಭಜನೆ ಕಾರ್ಯಕ್ರಮ ನಡೆಯಿತು.
1511,111
ಪ್ರತಿಯೊಬ್ಬರೂ ಜಲ ಸಂಪನ್ಮೂಲ ಸಂರಕ್ಷಿಸಿ
◆ ಸಿರುಗುಪ್ಪ: ಜಲಸಂಪನ್ಮೂಲ ಸಂರಕ್ಷಣೆ ಪ್ರತಿಯೊಬ್ಬರ ಜವಾಬ್ದಾರಿ. ನೀರಿನ ಮಿತ ಬಳಕೆ ಮಾಡುವ ಮೂಲಕ ಮುಂದಿನ ಪೀಳಿಗೆಗೆ ಉಳಿಸಬೇಕು ಎಂದು ಅಧಿಕಾರಿಗಳು ತಿಳಿಸಿದರು.
ಮಾರ್ಗಸೂಚಿ ಸಭೆಯಲ್ಲಿ ಮಾತನಾಡಿದ ಅವರು, ಅಂತರ್ಜಲ ಮಟ್ಟ ಕುಸಿಯುತ್ತಿರುವುದು ಆತಂಕಕಾರಿ ಬೆಳವಣಿಗೆ. ಮಳೆನೀರು ಕೊಯ್ಲು ಪದ್ಧತಿಯನ್ನು ಪ್ರತಿ ಮನೆಯಲ್ಲೂ ಅಳವಡಿಸಿಕೊಳ್ಳಬೇಕು. ಕೃಷಿಯಲ್ಲಿ ಹನಿ ನೀರಾವರಿ ಪದ್ಧತಿ ಅಳವಡಿಸಿಕೊಳ್ಳುವ ಮೂಲಕ ನೀರಿನ ಮಿತ ಬಳಕೆ ಸಾಧ್ಯ ಎಂದು ಹೇಳಿದರು. ಕೆರೆ, ಕಟ್ಟೆಗಳ ಹೂಳೆತ್ತುವ ಕಾರ್ಯ ನಡೆಯಬೇಕು. ಚೆಕ್ ಡ್ಯಾಂಗಳ ನಿರ್ಮಾಣದಿಂದ ಅಂತರ್ಜಲ ಮಟ್ಟ ಹೆಚ್ಚಿಸಬಹುದು ಎಂದರು. ಜಲಮೂಲಗಳ ಮಾಲಿನ್ಯ ತಡೆಗಟ್ಟಬೇಕು. ಕೈಗಾರಿಕಾ ತ್ಯಾಜ್ಯವನ್ನು ನದಿಗಳಿಗೆ ಬಿಡಬಾರದು ಎಂದು ಹೇಳಿದರು.
ಕಾರ್ಯಕ್ರಮದಲ್ಲಿ ವಿದ್ಯಾರ್ಥಿಗಳಿಗೆ ಜಲ ಸಂರಕ್ಷಣೆ ಕುರಿತು ಪ್ರತಿಜ್ಞಾ ವಿಧಿ ಬೋಧಿಸಲಾಯಿತು. ಪೋಸ್ಟರ್ ರಚನೆ ಸ್ಪರ್ಧೆ ಏರ್ಪಡಿಸಲಾಗಿತ್ತು. ವಿಜೇತರಿಗೆ ಬಹುಮಾನ ವಿತರಿಸಲಾಯಿತು. ಸಭೆಯಲ್ಲಿ ತಾಲೂಕು ಮಟ್ಟದ ಅಧಿಕಾರಿಗಳು, ಗ್ರಾಮ ಪಂಚಾಯಿತಿ ಅಧ್ಯಕ್ಷರು, ಸದಸ್ಯರು, ರೈತ ಮುಖಂಡರು, ಆಶಾ ಕಾರ್ಯಕರ್ತೆಯರು, ಅಂಗನವಾಡಿ ಕಾರ್ಯಕರ್ತೆಯರು ಉಪಸ್ಥಿತರಿದ್ದರು. ಕೊನೆಯಲ್ಲಿ ವಂದನಾರ್ಪಣೆ ನೆರವೇರಿಸಲಾಯಿತು.
ರಾಮನ ತೊಟ್ಟಿಲು ಕಾರ್ಯಕ್ರಮ
◆ ಕೊಪ್ಪಳ: ಶ್ರೀರಾಮ ನವಮಿ ಅಂಗವಾಗಿ ಶ್ರೀರಾಮ ಮಂದಿರದಲ್ಲಿ ರಾಮನ ತೊಟ್ಟಿಲು ಕಾರ್ಯಕ್ರಮ ನಡೆಯಿತು.
ಬೆಳಗ್ಗೆಯಿಂದಲೇ ಭಕ್ತರು ಮಂದಿರಕ್ಕೆ ಆಗಮಿಸಿ ಶ್ರೀರಾಮನ ದರ್ಶನ ಪಡೆದರು. ಮಹಿಳೆಯರು ತೊಟ್ಟಿಲು ತೂಗಿ ಜೋಗುಳ ಹಾಡಿದರು. ಮಕ್ಕಳಿಗೆ ಸಿಹಿ ವಿತರಿಸಲಾಯಿತು. ಕಾರ್ಯಕ್ರಮದಲ್ಲಿ ಭಜನಾ ಮಂಡಳಿ ಸದಸ್ಯರು ಭಕ್ತಿಗೀತೆಗಳನ್ನು ಹಾಡಿದರು. ಸಂಜೆ ವೇಳೆ ಮಂಗಳಾರತಿ ನೆರವೇರಿತು. ನೂರಾರು ಭಕ್ತರು ಪ್ರಸಾದ ಸ್ವೀಕರಿಸಿದರು. ದೇವಸ್ಥಾನದ ಸಮಿತಿ ಸದಸ್ಯರು ವ್ಯವಸ್ಥೆ ಮಾಡಿದ್ದರು. ನಗರದ ವಿವಿಧ ಬಡಾವಣೆಗಳಲ್ಲೂ ರಾಮನವಮಿ ಆಚರಣೆ ಸಂಭ್ರಮದಿಂದ ಜರುಗಿತು. ಯುವಕರು ಅರವಟ್ಟಿಗೆ ಹಾಕಿ ಪಾನಕ ವಿತರಿಸಿದರು. ಸಾರ್ವಜನಿಕರು ಉತ್ಸಾಹದಿಂದ ಭಾಗವಹಿಸಿದರು.
ಶ್ರೀರಾಮನವಮಿ: ಕಲ್ಯಾಣೋತ್ಸವ
◆ ಬಳ್ಳಾರಿ: ನಗರದ ಸಿರುಗುಪ್ಪ ರಸ್ತೆಯಲ್ಲಿರುವ ಶ್ರೀರಾಮ ಮಂದಿರದಲ್ಲಿ ಶ್ರೀರಾಮ ಸೀತಾ ಕಲ್ಯಾಣೋತ್ಸವ ವಿಜೃಂಭಣೆಯಿಂದ ನೆರವೇರಿತು.
ಅಲಂಕೃತಗೊಂಡ ಮಂಟಪದಲ್ಲಿ ಶ್ರೀರಾಮ ಸೀತೆಯ ಕಲ್ಯಾಣ ಮಹೋತ್ಸವ ನಡೆಯಿತು. ವೇದ ಘೋಷಗಳ ನಡುವೆ ಪುರೋಹಿತರು ಕಲ್ಯಾಣ ನೆರವೇರಿಸಿದರು. ನೂರಾರು ಭಕ್ತರು ಅಕ್ಷತೆ ಹಾಕಿ ಆಶೀರ್ವದಿಸಿದರು. ಬಳಿಕ ಮಹಾಮಂಗಳಾರತಿ ನಡೆಯಿತು. ಪ್ರಸಾದ ವಿತರಿಸಲಾಯಿತು. ಮಂದಿರದ ಆವರಣದಲ್ಲಿ ಅನ್ನಸಂತರ್ಪಣೆ ಏರ್ಪಡಿಸಲಾಗಿತ್ತು. ಸಂಜೆ ವೇಳೆ ಪಲ್ಲಕ್ಕಿ ಉತ್ಸವ ನಡೆಯಿತು. ನಗರದ ಪ್ರಮುಖ ಬೀದಿಗಳಲ್ಲಿ ಮೆರವಣಿಗೆ ಸಾಗಿತು. ಭಜನಾ ಮಂಡಳಿಗಳು ಭಕ್ತಿಗೀತೆ ಹಾಡಿದವು. ಮಹಿಳೆಯರು ಪೂರ್ಣಕುಂಭ ಸ್ವಾಗತ ನೀಡಿದರು. ಮಕ್ಕಳು ಉತ್ಸಾಹದಿಂದ ಪಾಲ್ಗೊಂಡರು.
ರಾಮನವಮಿ: ಕೋಸಂಬರಿ, ಪಾನಕ ವಿತರಣೆ
◆ ಬಳ್ಳಾರಿ: ರಾಮನವಮಿ ಪ್ರಯುಕ್ತ ನಗರದ ವಿವಿಧೆಡೆ ಶ್ರೀರಾಮ ಮಂದಿರಗಳಲ್ಲಿ ಶುಕ್ರವಾರ ಕೋಸಂಬರಿ, ಪಾನಕ ವಿತರಿಸಲಾಯಿತು.
ಬೆಳಗ್ಗೆ ವಿಶೇಷ ಪೂಜೆ, ಅಭಿಷೇಕ, ಅಲಂಕಾರ ನಡೆಯಿತು. ಮಧ್ಯಾಹ್ನ ಶ್ರೀರಾಮನ ಜನ್ಮೋತ್ಸವ ನಡೆಯಿತು. ನಂತರ ಭಕ್ತರಿಗೆ ಪಾನಕ, ಕೋಸಂಬರಿ, ಮಜ್ಜಿಗೆ ವಿತರಿಸಲಾಯಿತು. ಯುವಕರು ಅಲ್ಲಲ್ಲಿ ಅರವಟ್ಟಿಗೆ ಹಾಕಿ ದಾರಿಹೋಕರಿಗೆ ತಂಪು ಪಾನೀಯ ನೀಡಿದರು. ನಗರದ ಹಲವು ಬಡಾವಣೆಗಳಲ್ಲಿ ಭಜನೆ, ಕೀರ್ತನೆ ಕಾರ್ಯಕ್ರಮಗಳು ನಡೆದವು. ಸಂಜೆ ವೇಳೆ ಮೆರವಣಿಗೆ ಜರುಗಿತು. ಪೊಲೀಸ್ ಬಂದೋಬಸ್ತ್ ಕೈಗೊಳ್ಳಲಾಗಿತ್ತು. ಸಾರ್ವಜನಿಕರು ಸಂಭ್ರಮದಿಂದ ಹಬ್ಬ ಆಚರಿಸಿದರು. ವಿವಿಧ ಸಂಘ ಸಂಸ್ಥೆಗಳು ಕಾರ್ಯಕ್ರಮ ಆಯೋಜಿಸಿದ್ದವು.
ಸ್ವಯಂಪ್ರೇರಿತ ರಕ್ತದಾನ ಶಿಬಿರ
◆ ಗಂಗಾವತಿ: ಗುಂಡಾಪುರಿಗೆ ಗ್ರಾಮದಲ್ಲಿ ಶ್ರೀರಾಮ ನವಮಿ ಅಂಗವಾಗಿ ಸ್ವಯಂಪ್ರೇರಿತ ರಕ್ತದಾನ ಶಿಬಿರ ಆಯೋಜಿಸಲಾಗಿತ್ತು.
ಶಿಬಿರವನ್ನು ಉದ್ಘಾಟಿಸಿ ಮಾತನಾಡಿದ ಗಣ್ಯರು, ರಕ್ತದಾನ ಶ್ರೇಷ್ಠ ದಾನ. ಒಂದು ಯೂನಿಟ್ ರಕ್ತದಿಂದ ಮೂರು ಜೀವಗಳನ್ನು ಉಳಿಸಬಹುದು. ಯುವಕರು ಹೆಚ್ಚಿನ ಸಂಖ್ಯೆಯಲ್ಲಿ ರಕ್ತದಾನ ಮಾಡಲು ಮುಂದೆ ಬರಬೇಕು ಎಂದು ಕರೆ ನೀಡಿದರು. ಶಿಬಿರದಲ್ಲಿ 50ಕ್ಕೂ ಹೆಚ್ಚು ಮಂದಿ ರಕ್ತದಾನ ಮಾಡಿದರು. ಜಿಲ್ಲಾ ಆಸ್ಪತ್ರೆಯ ರಕ್ತನಿಧಿ ಕೇಂದ್ರದ ಸಿಬ್ಬಂದಿ ರಕ್ತ ಸಂಗ್ರಹಿಸಿದರು. ದಾನಿಗಳಿಗೆ ಪ್ರಮಾಣ ಪತ್ರ ವಿತರಿಸಲಾಯಿತು. ಕಾರ್ಯಕ್ರಮದಲ್ಲಿ ಗ್ರಾಮ ಪಂಚಾಯಿತಿ ಸದಸ್ಯರು, ಯುವಕ ಸಂಘದ ಪದಾಧಿಕಾರಿಗಳು, ಗ್ರಾಮಸ್ಥರು ಉಪಸ್ಥಿತರಿದ್ದರು.
